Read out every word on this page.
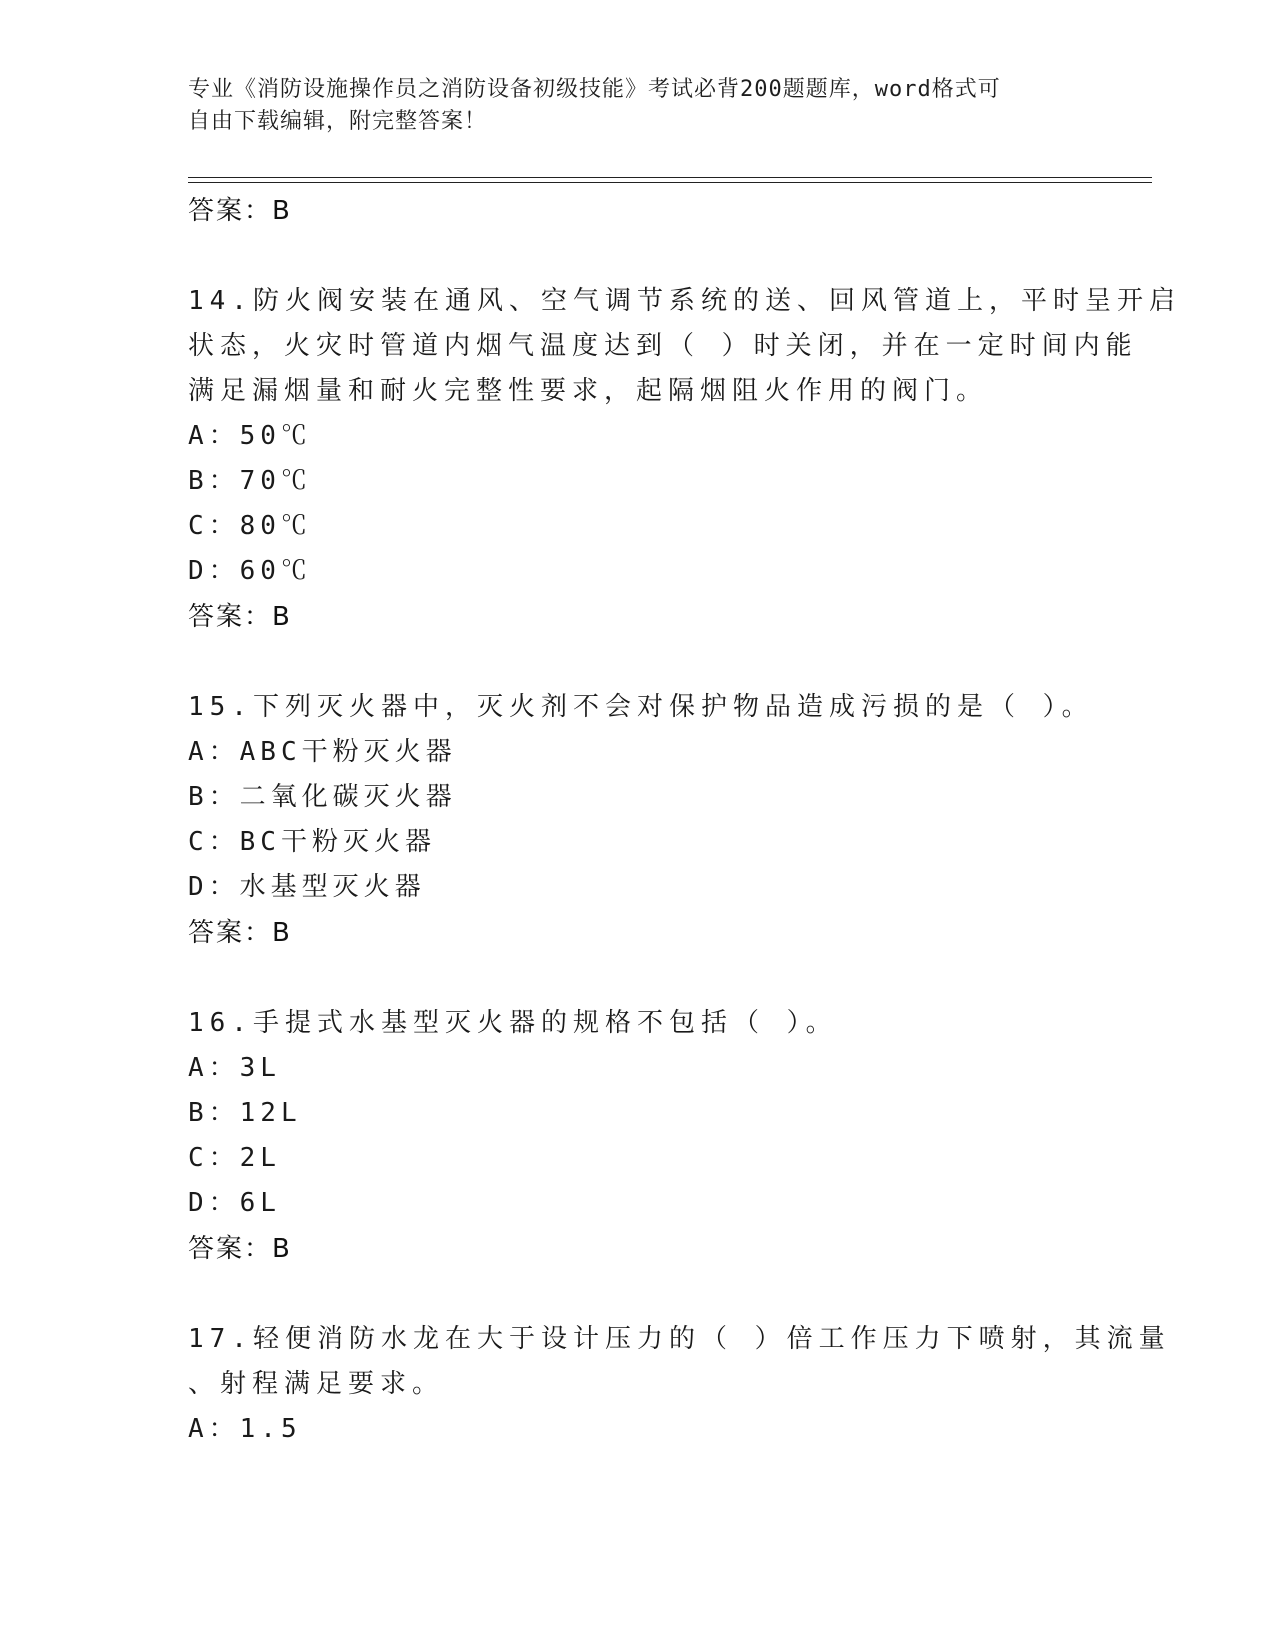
专业《消防设施操作员之消防设备初级技能》考试必背200题题库，word格式可
自由下载编辑，附完整答案！
答案：B
14.防火阀安装在通风、空气调节系统的送、回风管道上，平时呈开启
状态，火灾时管道内烟气温度达到（ ）时关闭，并在一定时间内能
满足漏烟量和耐火完整性要求，起隔烟阻火作用的阀门。
A：50℃
B：70℃
C：80℃
D：60℃
答案：B
15.下列灭火器中，灭火剂不会对保护物品造成污损的是（ ）。
A：ABC干粉灭火器
B：二氧化碳灭火器
C：BC干粉灭火器
D：水基型灭火器
答案：B
16.手提式水基型灭火器的规格不包括（ ）。
A：3L
B：12L
C：2L
D：6L
答案：B
17.轻便消防水龙在大于设计压力的（ ）倍工作压力下喷射，其流量
、射程满足要求。
A：1.5
